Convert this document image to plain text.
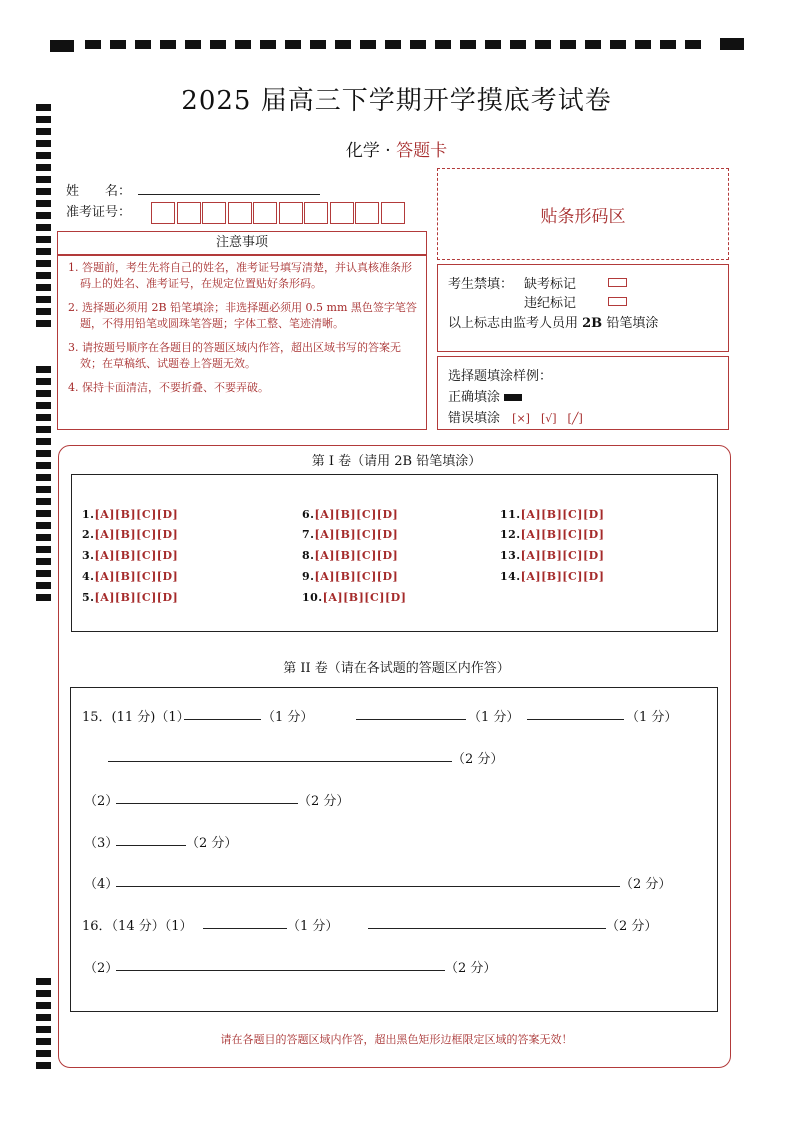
2025 届高三下学期开学摸底考试卷
化学 · 答题卡
姓　　名：
准考证号：	贴条形码区
注意事项

1. 答题前，考生先将自己的姓名，准考证号填写清楚，并认真核准条形码上的姓名、准考证号，在规定位置贴好条形码。

2. 选择题必须用 2B 铅笔填涂；非选择题必须用 0.5 mm 黑色签字笔答题，不得用铅笔或圆珠笔答题；字体工整、笔迹清晰。

3. 请按题号顺序在各题目的答题区域内作答，超出区域书写的答案无效；在草稿纸、试题卷上答题无效。

4. 保持卡面清洁，不要折叠、不要弄破。

考生禁填： 缺考标记
违纪标记
以上标志由监考人员用 2B 铅笔填涂
选择题填涂样例：
正确填涂
错误填涂 [×]　[√]　[╱]
第 I 卷（请用 2B 铅笔填涂）
1.[A][B][C][D]
2.[A][B][C][D]
3.[A][B][C][D]
4.[A][B][C][D]
5.[A][B][C][D]
6.[A][B][C][D]
7.[A][B][C][D]
8.[A][B][C][D]
9.[A][B][C][D]
10.[A][B][C][D]
11.[A][B][C][D]
12.[A][B][C][D]
13.[A][B][C][D]
14.[A][B][C][D]
第 II 卷（请在各试题的答题区内作答）
15．(11 分)（1）	（1 分）	（1 分）	（1 分）
（2 分）
（2）	（2 分）
（3）	（2 分）
（4）	（2 分）
16．（14 分）（1）	（1 分）	（2 分）
（2）	（2 分）
请在各题目的答题区域内作答，超出黑色矩形边框限定区域的答案无效！
